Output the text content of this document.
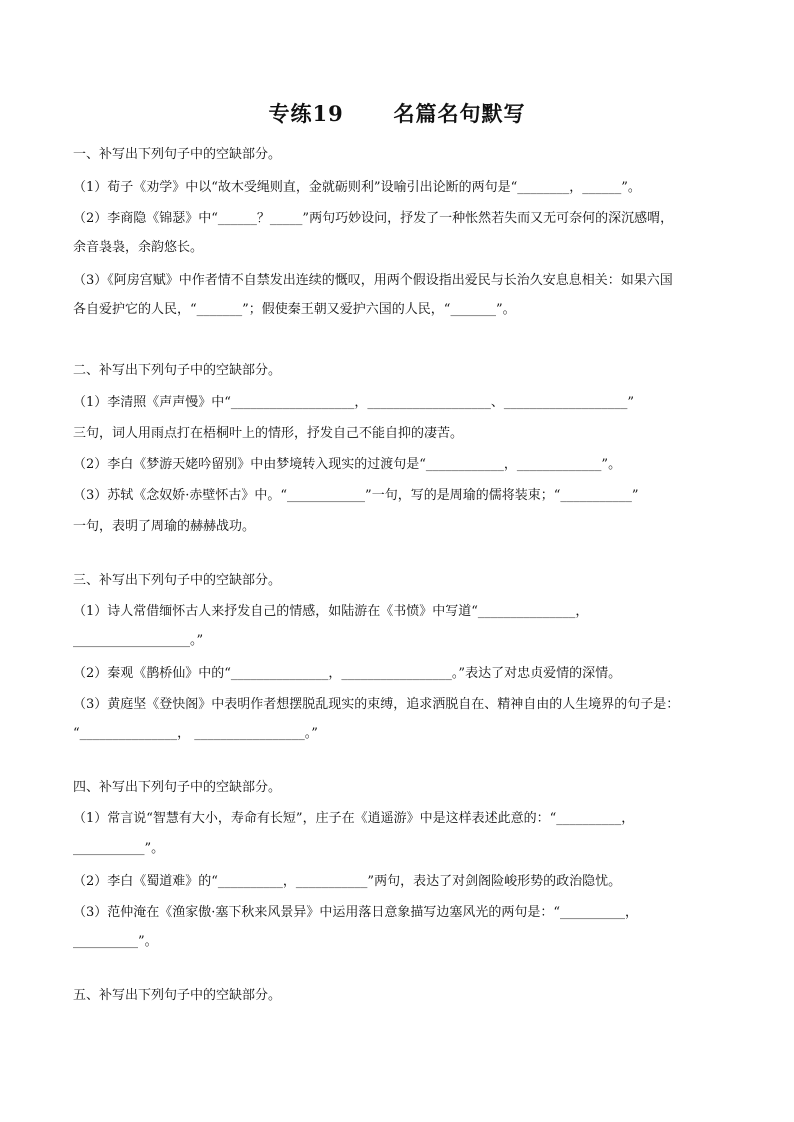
专练19      名篇名句默写
一、补写出下列句子中的空缺部分。
（1）荀子《劝学》中以“故木受绳则直，金就砺则利”设喻引出论断的两句是“________，______”。
（2）李商隐《锦瑟》中“______？_____”两句巧妙设问，抒发了一种怅然若失而又无可奈何的深沉感喟，
余音袅袅，余韵悠长。
（3）《阿房宫赋》中作者情不自禁发出连续的慨叹，用两个假设指出爱民与长治久安息息相关：如果六国
各自爱护它的人民，“_______”；假使秦王朝又爱护六国的人民，“_______”。
二、补写出下列句子中的空缺部分。
（1）李清照《声声慢》中“___________________，___________________、___________________”
三句，词人用雨点打在梧桐叶上的情形，抒发自己不能自抑的凄苦。
（2）李白《梦游天姥吟留别》中由梦境转入现实的过渡句是“____________，_____________”。
（3）苏轼《念奴娇·赤壁怀古》中。“____________”一句，写的是周瑜的儒将装束；“___________”
一句，表明了周瑜的赫赫战功。
三、补写出下列句子中的空缺部分。
（1）诗人常借缅怀古人来抒发自己的情感，如陆游在《书愤》中写道“_______________，
__________________。”
（2）秦观《鹊桥仙》中的“_______________，_________________。”表达了对忠贞爱情的深情。
（3）黄庭坚《登快阁》中表明作者想摆脱乱现实的束缚，追求洒脱自在、精神自由的人生境界的句子是：
“_______________， _________________。”
四、补写出下列句子中的空缺部分。
（1）常言说“智慧有大小，寿命有长短”，庄子在《逍遥游》中是这样表述此意的：“__________，
___________”。
（2）李白《蜀道难》的“__________，___________”两句，表达了对剑阁险峻形势的政治隐忧。
（3）范仲淹在《渔家傲·塞下秋来风景异》中运用落日意象描写边塞风光的两句是：“__________，
__________”。
五、补写出下列句子中的空缺部分。
